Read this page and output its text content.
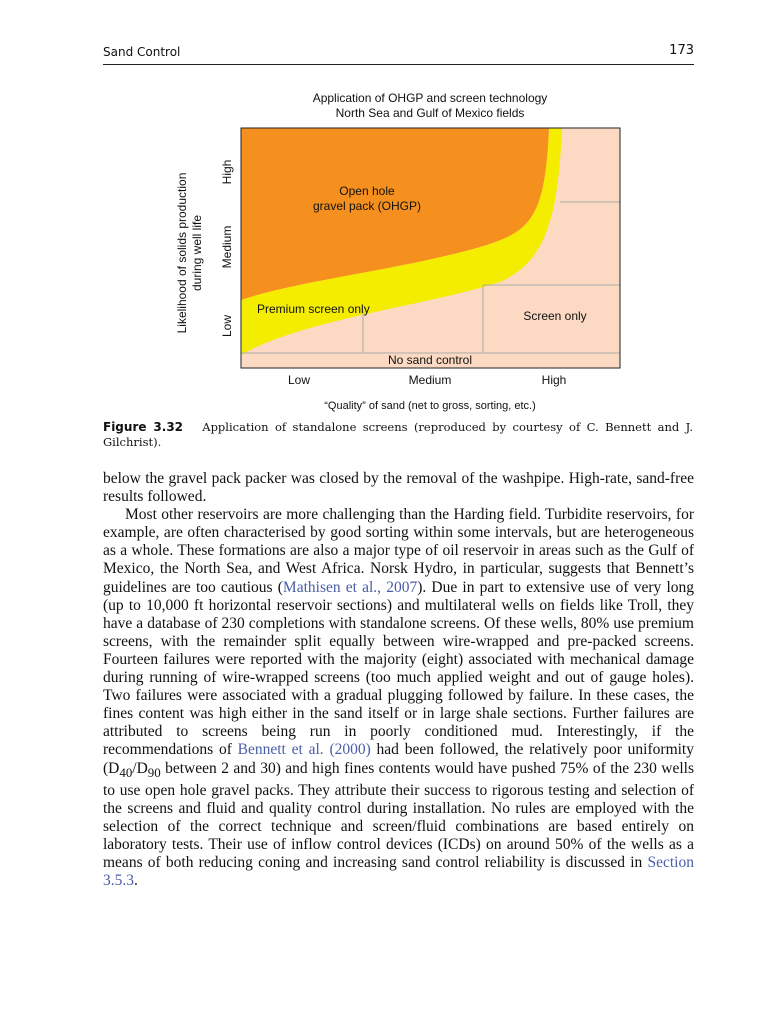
Sand Control	173
Application of OHGP and screen technology
North Sea and Gulf of Mexico fields
Open hole
gravel pack (OHGP)
Premium screen only	Screen only
No sand control
Low	Medium	High
“Quality” of sand (net to gross, sorting, etc.)
Low
Medium
High
Likelihood of solids production during well life
Figure 3.32 Application of standalone screens (reproduced by courtesy of C. Bennett and J. Gilchrist).

below the gravel pack packer was closed by the removal of the washpipe. High-rate, sand-free results followed.

Most other reservoirs are more challenging than the Harding field. Turbidite reservoirs, for example, are often characterised by good sorting within some intervals, but are heterogeneous as a whole. These formations are also a major type of oil reservoir in areas such as the Gulf of Mexico, the North Sea, and West Africa. Norsk Hydro, in particular, suggests that Bennett’s guidelines are too cautious (Mathisen et al., 2007). Due in part to extensive use of very long (up to 10,000 ft horizontal reservoir sections) and multilateral wells on fields like Troll, they have a database of 230 completions with standalone screens. Of these wells, 80% use premium screens, with the remainder split equally between wire-wrapped and pre-packed screens. Fourteen failures were reported with the majority (eight) associated with mechanical damage during running of wire-wrapped screens (too much applied weight and out of gauge holes). Two failures were associated with a gradual plugging followed by failure. In these cases, the fines content was high either in the sand itself or in large shale sections. Further failures are attributed to screens being run in poorly conditioned mud. Interestingly, if the recommendations of Bennett et al. (2000) had been followed, the relatively poor uniformity ($D_{40}/D_{90}$ between 2 and 30) and high fines contents would have pushed 75% of the 230 wells to use open hole gravel packs. They attribute their success to rigorous testing and selection of the screens and fluid and quality control during installation. No rules are employed with the selection of the correct technique and screen/fluid combinations are based entirely on laboratory tests. Their use of inflow control devices (ICDs) on around 50% of the wells as a means of both reducing coning and increasing sand control reliability is discussed in Section 3.5.3.
